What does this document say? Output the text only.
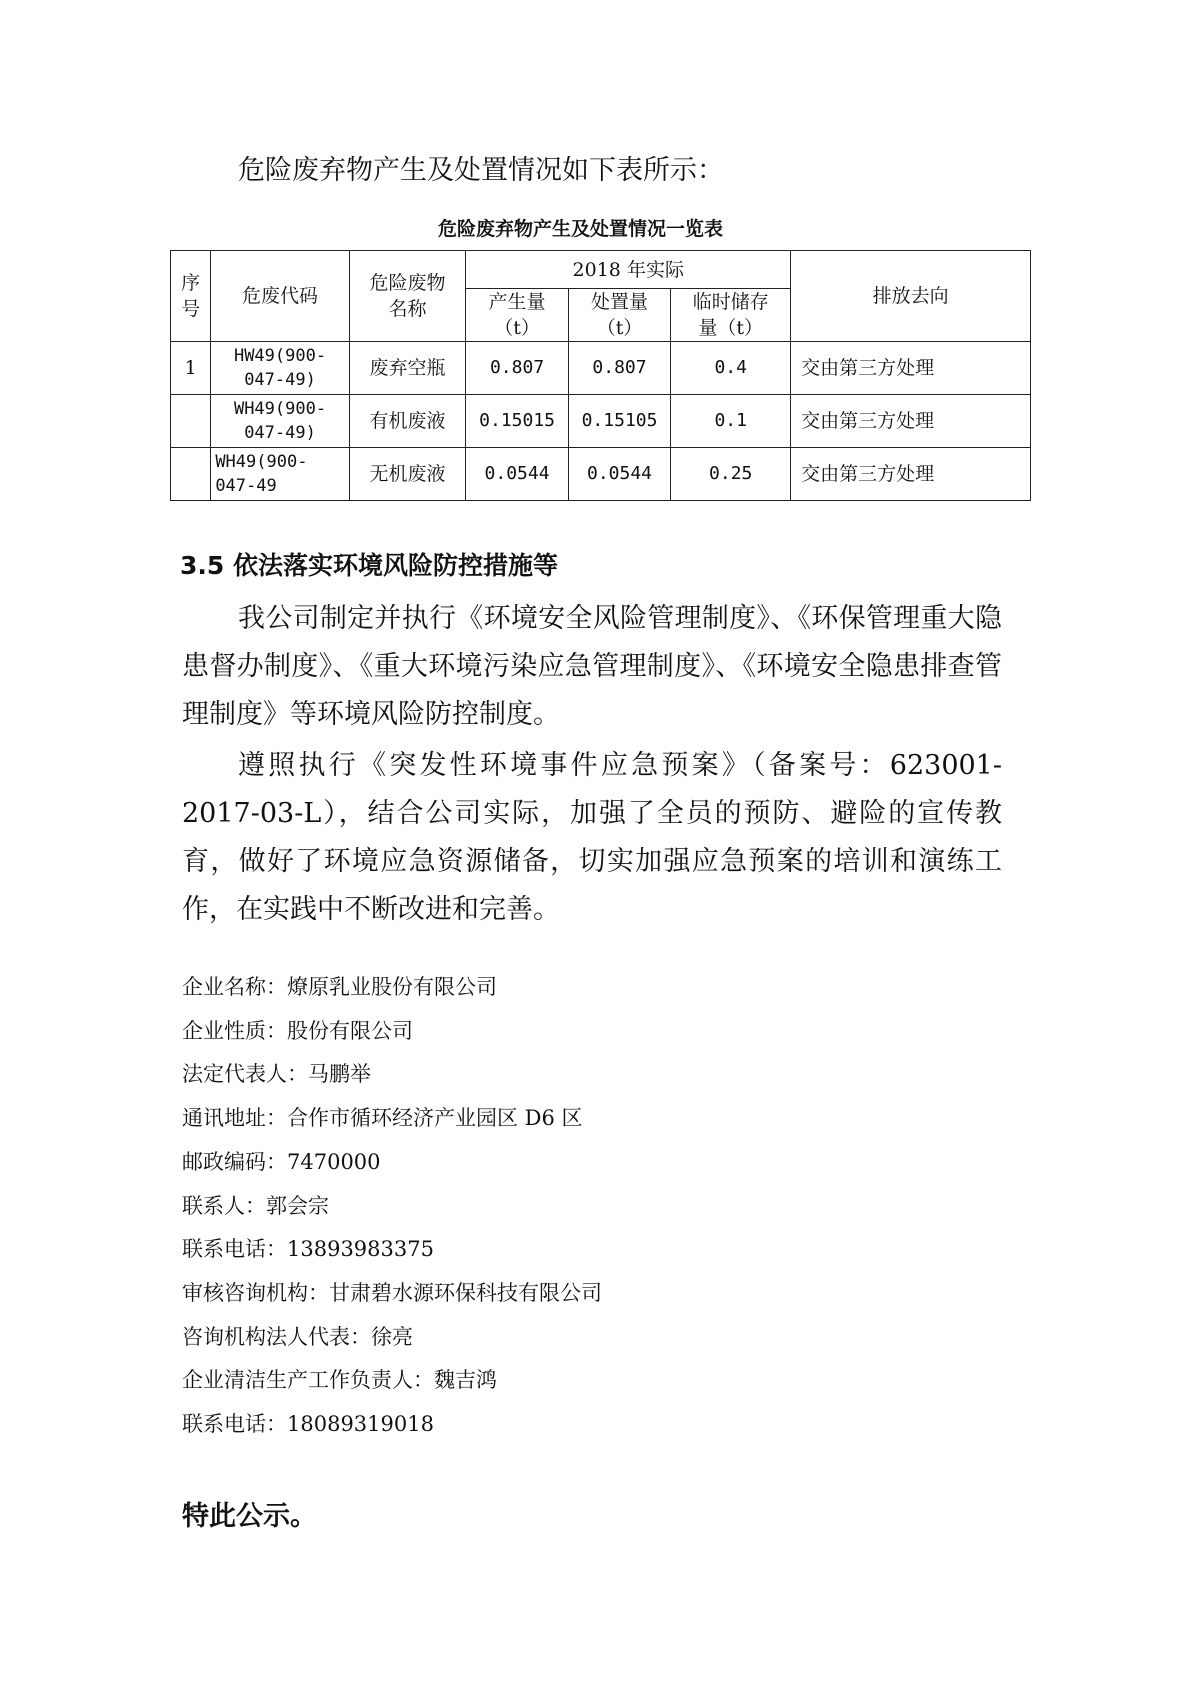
危险废弃物产生及处置情况如下表所示：
危险废弃物产生及处置情况一览表
序号	危废代码	危险废物名称	2018 年实际			排放去向

			产生量（t）	处置量（t）	临时储存量（t）	

1	HW49(900-047-49)	废弃空瓶	0.807	0.807	0.4	交由第三方处理

	WH49(900-047-49)	有机废液	0.15015	0.15105	0.1	交由第三方处理

	WH49(900-047-49	无机废液	0.0544	0.0544	0.25	交由第三方处理
3.5 依法落实环境风险防控措施等

我公司制定并执行《环境安全风险管理制度》、《环保管理重大隐患督办制度》、《重大环境污染应急管理制度》、《环境安全隐患排查管理制度》等环境风险防控制度。

遵照执行《突发性环境事件应急预案》（备案号：623001-2017-03-L），结合公司实际，加强了全员的预防、避险的宣传教育，做好了环境应急资源储备，切实加强应急预案的培训和演练工作，在实践中不断改进和完善。

企业名称：燎原乳业股份有限公司
企业性质：股份有限公司
法定代表人：马鹏举
通讯地址：合作市循环经济产业园区 D6 区
邮政编码：7470000
联系人：郭会宗
联系电话：13893983375
审核咨询机构：甘肃碧水源环保科技有限公司
咨询机构法人代表：徐亮
企业清洁生产工作负责人：魏吉鸿
联系电话：18089319018
特此公示。
